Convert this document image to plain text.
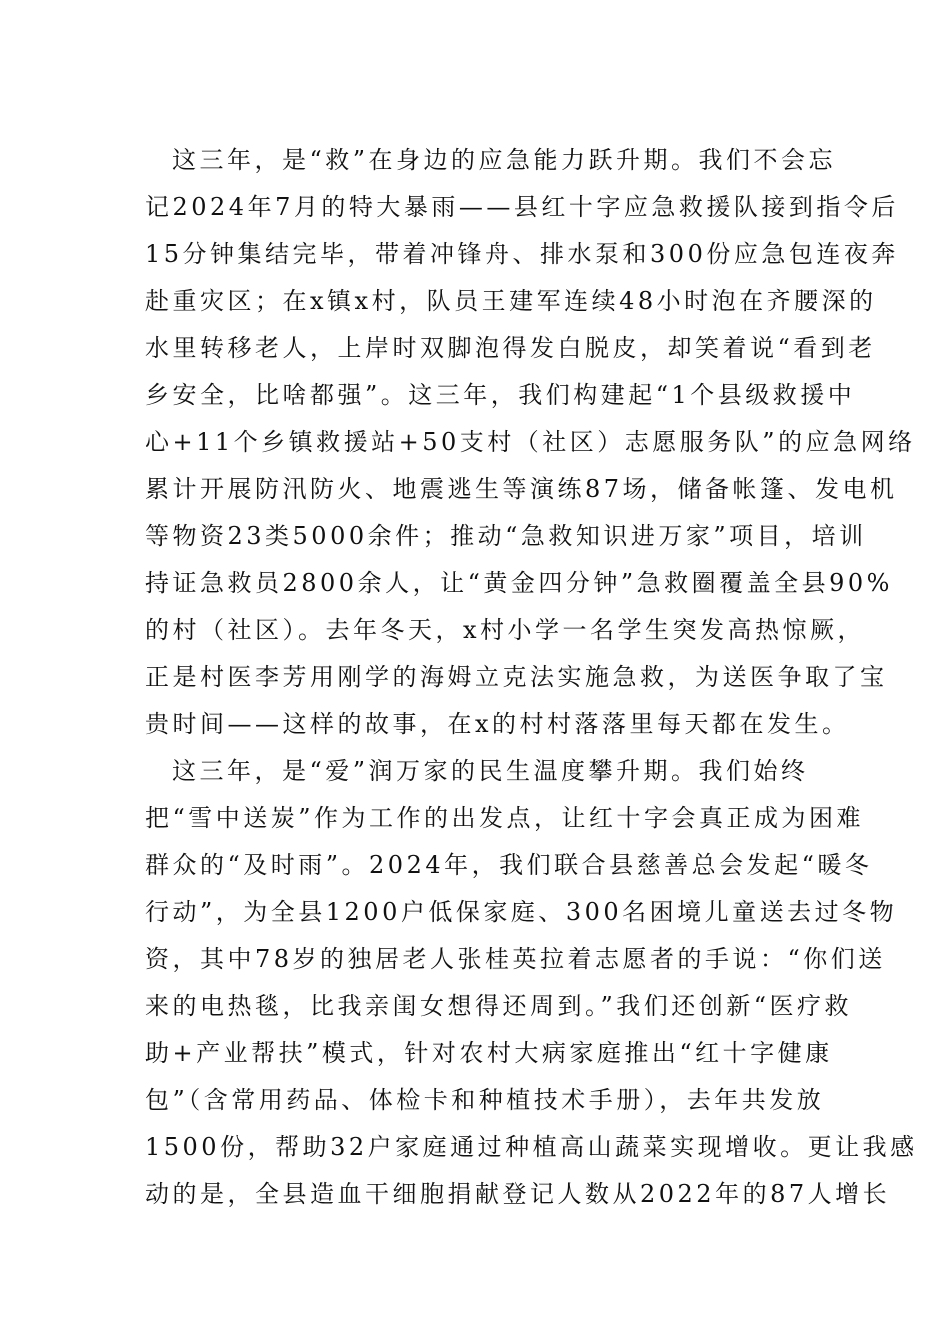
这三年，是“救”在身边的应急能力跃升期。我们不会忘
记2024年7月的特大暴雨——县红十字应急救援队接到指令后
15分钟集结完毕，带着冲锋舟、排水泵和300份应急包连夜奔
赴重灾区；在x镇x村，队员王建军连续48小时泡在齐腰深的
水里转移老人，上岸时双脚泡得发白脱皮，却笑着说“看到老
乡安全，比啥都强”。这三年，我们构建起“1个县级救援中
心+11个乡镇救援站+50支村（社区）志愿服务队”的应急网络
累计开展防汛防火、地震逃生等演练87场，储备帐篷、发电机
等物资23类5000余件；推动“急救知识进万家”项目，培训
持证急救员2800余人，让“黄金四分钟”急救圈覆盖全县90%
的村（社区）。去年冬天，x村小学一名学生突发高热惊厥，
正是村医李芳用刚学的海姆立克法实施急救，为送医争取了宝
贵时间——这样的故事，在x的村村落落里每天都在发生。
这三年，是“爱”润万家的民生温度攀升期。我们始终
把“雪中送炭”作为工作的出发点，让红十字会真正成为困难
群众的“及时雨”。2024年，我们联合县慈善总会发起“暖冬
行动”，为全县1200户低保家庭、300名困境儿童送去过冬物
资，其中78岁的独居老人张桂英拉着志愿者的手说：“你们送
来的电热毯，比我亲闺女想得还周到。”我们还创新“医疗救
助+产业帮扶”模式，针对农村大病家庭推出“红十字健康
包”（含常用药品、体检卡和种植技术手册），去年共发放
1500份，帮助32户家庭通过种植高山蔬菜实现增收。更让我感
动的是，全县造血干细胞捐献登记人数从2022年的87人增长
